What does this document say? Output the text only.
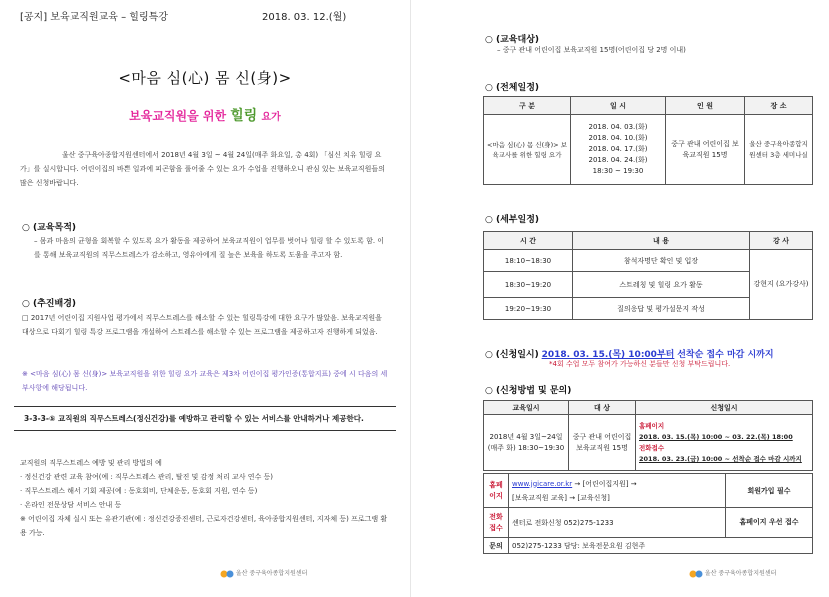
[공지] 보육교직원교육 – 힐링특강	2018. 03. 12.(월)
<마음 심(心) 몸 신(身)>
보육교직원을 위한 힐링 요가
울산 중구육아종합지원센터에서 2018년 4월 3일 ~ 4월 24일(매주 화요일, 총 4회) 「심신 치유 힐링 요가」를 실시합니다. 어린이집의 바쁜 일과에 피곤함을 풀어줄 수 있는 요가 수업을 진행하오니 관심 있는 보육교직원들의 많은 신청바랍니다.
○ (교육목적)
– 몸과 마음의 균형을 회복할 수 있도록 요가 활동을 제공하여 보육교직원이 업무를 벗어나 힐링 할 수 있도록 함. 이를 통해 보육교직원의 직무스트레스가 감소하고, 영유아에게 질 높은 보육을 하도록 도움을 주고자 함.
○ (추진배경)
□ 2017년 어린이집 지원사업 평가에서 직무스트레스를 해소할 수 있는 힐링특강에 대한 요구가 많았음. 보육교직원을 대상으로 다회기 힐링 특강 프로그램을 개설하여 스트레스를 해소할 수 있는 프로그램을 제공하고자 진행하게 되었음.
※ <마음 심(心) 몸 신(身)> 보육교직원을 위한 힐링 요가 교육은 제3차 어린이집 평가인증(통합지표) 중에 시 다음의 세부사항에 해당됩니다.
3-3-3-⑤ 교직원의 직무스트레스(정신건강)를 예방하고 관리할 수 있는 서비스를 안내하거나 제공한다.
교직원의 직무스트레스 예방 및 관리 방법의 예
· 정신건강 관련 교육 참여(예 : 직무스트레스 관리, 탈진 및 감정 처리 교사 연수 등)
· 직무스트레스 해서 기회 제공(예 : 동호회비, 단체운동, 동호회 지원, 연수 등)
· 온라인 전문상담 서비스 안내 등
※ 어린이집 자체 실시 또는 유관기관(예 : 정신건강증진센터, 근로자건강센터, 육아종합지원센터, 지자체 등) 프로그램 활용 가능.
울산 중구육아종합지원센터
○ (교육대상)
– 중구 관내 어린이집 보육교직원 15명(어린이집 당 2명 이내)
○ (전체일정)
구 분	일 시	인 원	장 소
<마음 심(心) 몸 신(身)> 보육교사를 위한 힐링 요가	2018. 04. 03.(화)
2018. 04. 10.(화)
2018. 04. 17.(화)
2018. 04. 24.(화)
18:30 ~ 19:30	중구 관내 어린이집 보육교직원 15명	울산 중구육아종합지원센터 3층 세미나실
○ (세부일정)
시 간	내 용	강 사
18:10~18:30	참석자명단 확인 및 입장	강현지 (요가강사)
18:30~19:20	스트레칭 및 힐링 요가 활동	
19:20~19:30	질의응답 및 평가설문지 작성	
○ (신청일시) 2018. 03. 15.(목) 10:00부터 선착순 접수 마감 시까지
*4회 수업 모두 참여가 가능하신 분들만 신청 부탁드립니다.
○ (신청방법 및 문의)
교육일시	대 상	신청일시
2018년 4월 3일~24일 (매주 화) 18:30~19:30	중구 관내 어린이집 보육교직원 15명	홈페이지
2018. 03. 15.(목) 10:00 ~ 03. 22.(목) 18:00
전화접수
2018. 03. 23.(금) 10:00 ~ 선착순 접수 마감 시까지
홈페이지	www.jgicare.or.kr → [어린이집지원] →
[보육교직원 교육] → [교육신청]	회원가입 필수
전화접수	센터로 전화신청 052)275-1233	홈페이지 우선 접수
문의	052)275-1233 담당: 보육전문요원 김현주	
울산 중구육아종합지원센터
